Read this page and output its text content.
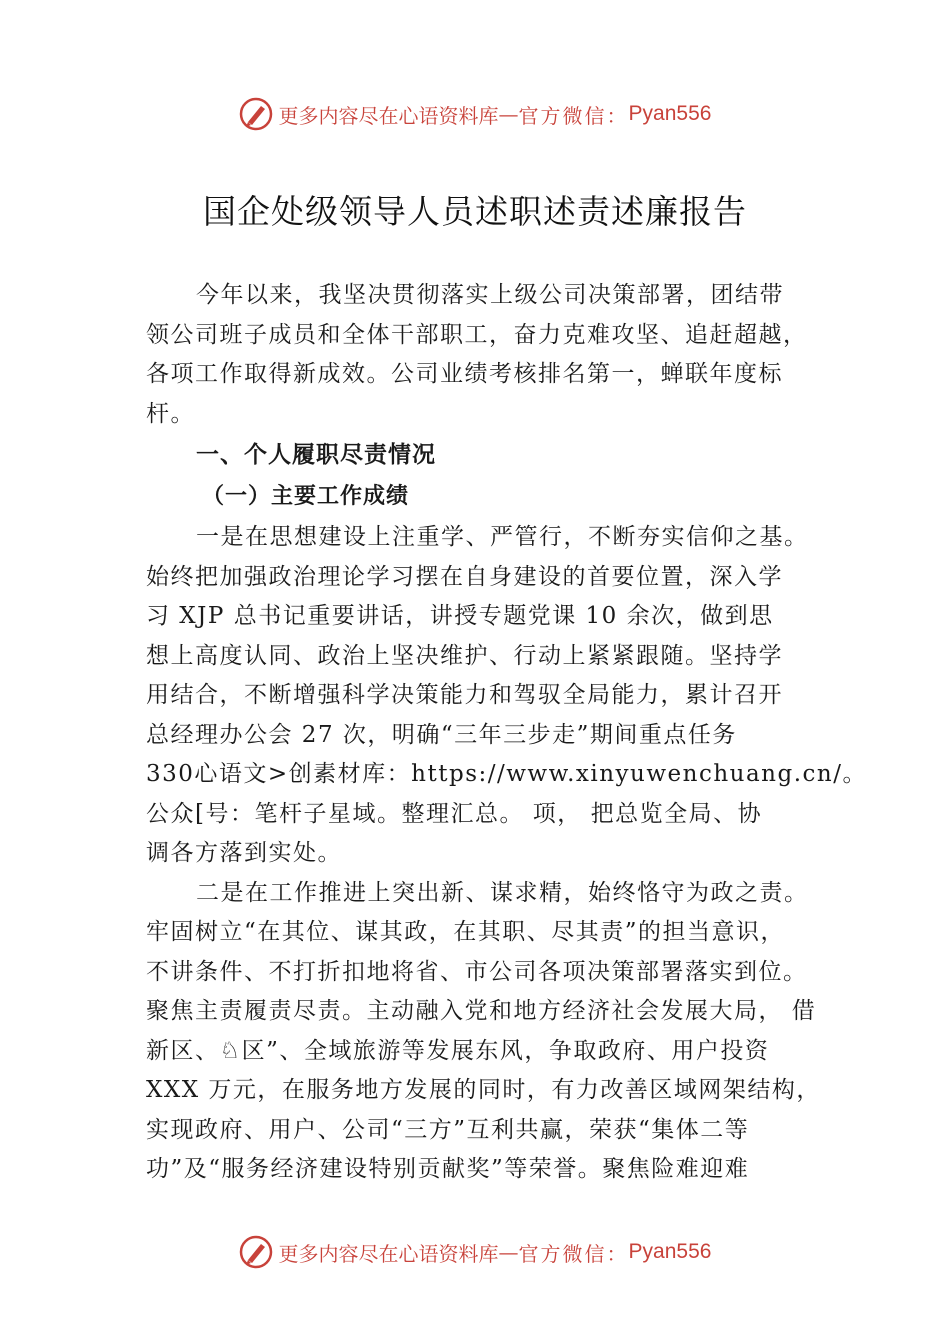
更多内容尽在心语资料库 — 官方微信： Pyan556
国企处级领导人员述职述责述廉报告
今年以来，我坚决贯彻落实上级公司决策部署，团结带
领公司班子成员和全体干部职工，奋力克难攻坚、追赶超越，
各项工作取得新成效。公司业绩考核排名第一，蝉联年度标
杆。
一、个人履职尽责情况
（一）主要工作成绩
一是在思想建设上注重学、严管行，不断夯实信仰之基。
始终把加强政治理论学习摆在自身建设的首要位置，深入学
习 XJP 总书记重要讲话，讲授专题党课 10 余次，做到思
想上高度认同、政治上坚决维护、行动上紧紧跟随。坚持学
用结合，不断增强科学决策能力和驾驭全局能力，累计召开
总经理办公会 27 次，明确“三年三步走”期间重点任务
330心语文>创素材库：https://www.xinyuwenchuang.cn/。
公众[号：笔杆子星域。整理汇总。 项， 把总览全局、协
调各方落到实处。
二是在工作推进上突出新、谋求精，始终恪守为政之责。
牢固树立“在其位、谋其政，在其职、尽其责”的担当意识，
不讲条件、不打折扣地将省、市公司各项决策部署落实到位。
聚焦主责履责尽责。主动融入党和地方经济社会发展大局， 借
新区、♘区”、全域旅游等发展东风，争取政府、用户投资
XXX 万元，在服务地方发展的同时，有力改善区域网架结构，
实现政府、用户、公司“三方”互利共赢，荣获“集体二等
功”及“服务经济建设特别贡献奖”等荣誉。聚焦险难迎难
更多内容尽在心语资料库 — 官方微信： Pyan556
